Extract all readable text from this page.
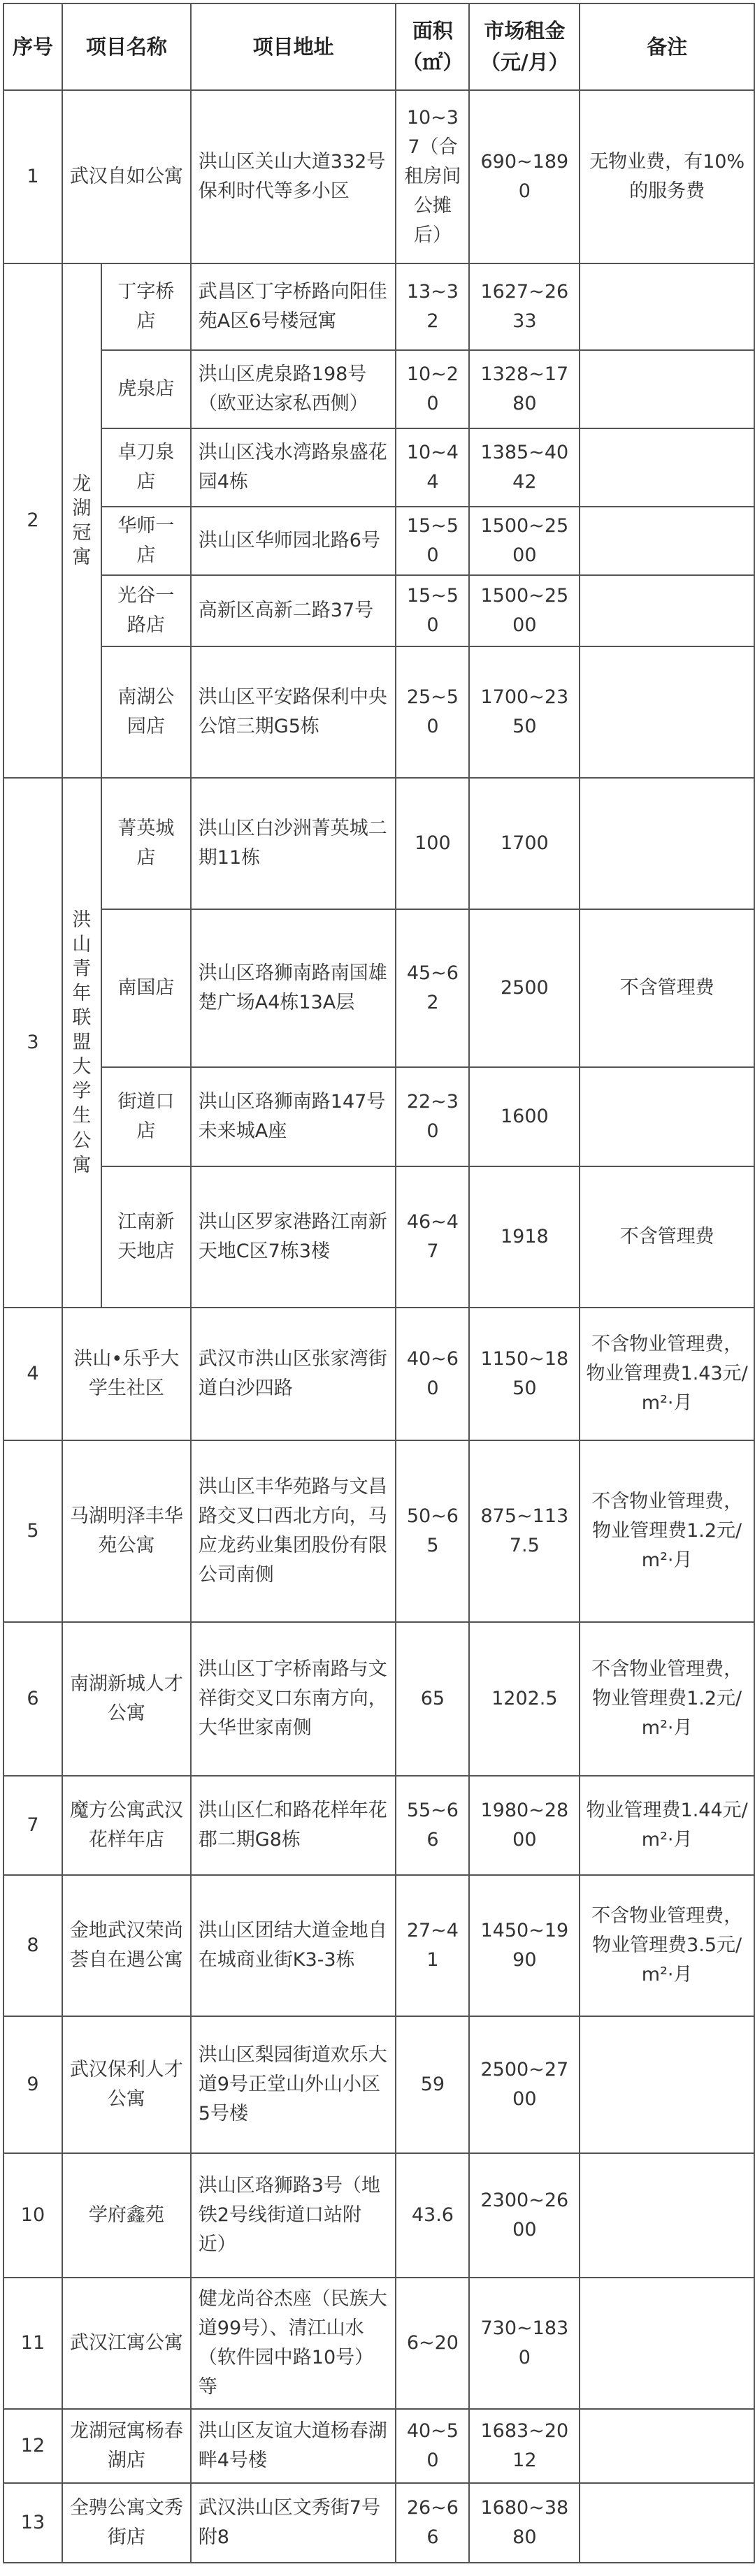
序号	项目名称		项目地址	面积（㎡）	市场租金（元/月）	备注
1	武汉自如公寓		洪山区关山大道332号保利时代等多小区	10~37（合租房间公摊后）	690~1890	无物业费，有10%的服务费
2	龙湖冠寓	丁字桥店	武昌区丁字桥路向阳佳苑A区6号楼冠寓	13~32	1627~2633	
		虎泉店	洪山区虎泉路198号（欧亚达家私西侧）	10~20	1328~1780	
		卓刀泉店	洪山区浅水湾路泉盛花园4栋	10~44	1385~4042	
		华师一店	洪山区华师园北路6号	15~50	1500~2500	
		光谷一路店	高新区高新二路37号	15~50	1500~2500	
		南湖公园店	洪山区平安路保利中央公馆三期G5栋	25~50	1700~2350	
3	洪山青年联盟大学生公寓	菁英城店	洪山区白沙洲菁英城二期11栋	100	1700	
		南国店	洪山区珞狮南路南国雄楚广场A4栋13A层	45~62	2500	不含管理费
		街道口店	洪山区珞狮南路147号未来城A座	22~30	1600	
		江南新天地店	洪山区罗家港路江南新天地C区7栋3楼	46~47	1918	不含管理费
4	洪山•乐乎大学生社区		武汉市洪山区张家湾街道白沙四路	40~60	1150~1850	不含物业管理费，物业管理费1.43元/m²·月
5	马湖明泽丰华苑公寓		洪山区丰华苑路与文昌路交叉口西北方向，马应龙药业集团股份有限公司南侧	50~65	875~1137.5	不含物业管理费，物业管理费1.2元/m²·月
6	南湖新城人才公寓		洪山区丁字桥南路与文祥街交叉口东南方向，大华世家南侧	65	1202.5	不含物业管理费，物业管理费1.2元/m²·月
7	魔方公寓武汉花样年店		洪山区仁和路花样年花郡二期G8栋	55~66	1980~2800	物业管理费1.44元/m²·月
8	金地武汉荣尚荟自在遇公寓		洪山区团结大道金地自在城商业街K3-3栋	27~41	1450~1990	不含物业管理费，物业管理费3.5元/m²·月
9	武汉保利人才公寓		洪山区梨园街道欢乐大道9号正堂山外山小区5号楼	59	2500~2700	
10	学府鑫苑		洪山区珞狮路3号（地铁2号线街道口站附近）	43.6	2300~2600	
11	武汉江寓公寓		健龙尚谷杰座（民族大道99号）、清江山水（软件园中路10号）等	6~20	730~1830	
12	龙湖冠寓杨春湖店		洪山区友谊大道杨春湖畔4号楼	40~50	1683~2012	
13	全骋公寓文秀街店		武汉洪山区文秀街7号附8	26~66	1680~3880	
